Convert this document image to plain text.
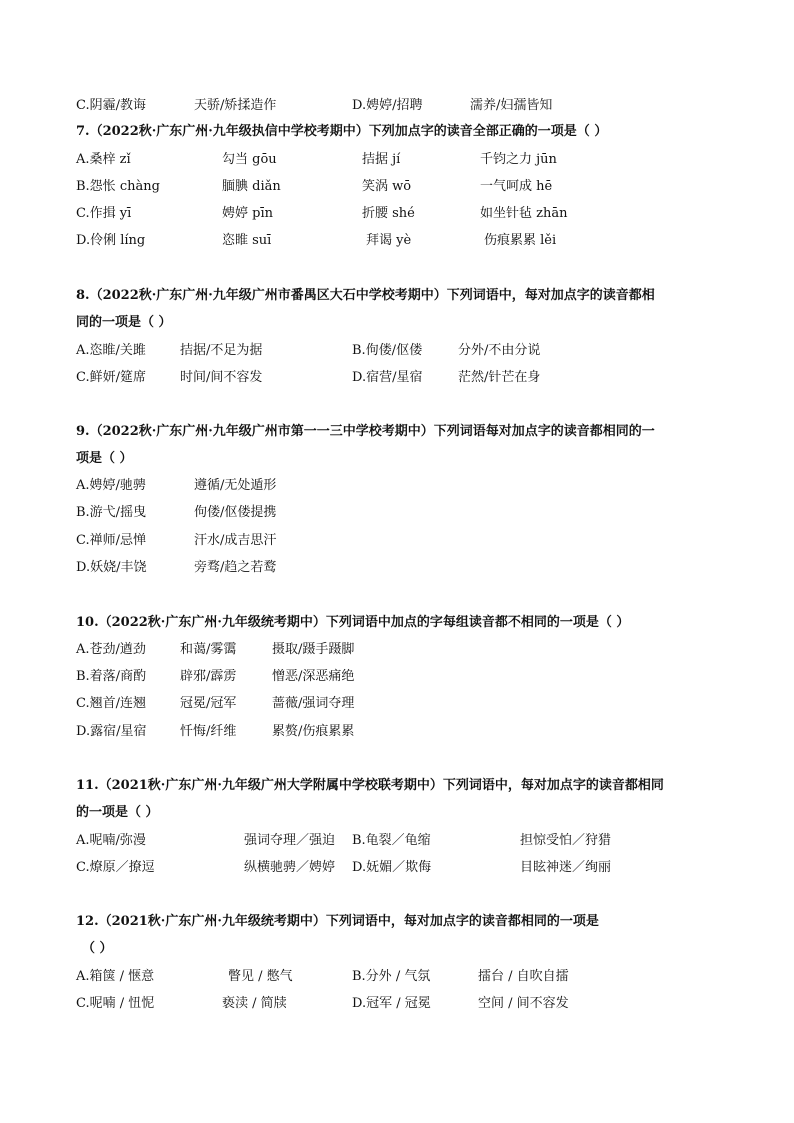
C.阴霾/教诲	天骄/矫揉造作	D.娉婷/招聘	濡养/妇孺皆知
7.（2022秋·广东广州·九年级执信中学校考期中）下列加点字的读音全部正确的一项是（ ）
A.桑梓 zǐ	勾当 gōu	拮据 jí	千钧之力 jūn
B.怨怅 chàng	腼腆 diǎn	笑涡 wō	一气呵成 hē
C.作揖 yī	娉婷 pīn	折腰 shé	如坐针毡 zhān
D.伶俐 líng	恣睢 suī	拜谒 yè	伤痕累累 lěi
8.（2022秋·广东广州·九年级广州市番禺区大石中学校考期中）下列词语中，每对加点字的读音都相
同的一项是（ ）
A.恣睢/关雎	拮据/不足为据	B.佝偻/伛偻	分外/不由分说
C.鲜妍/筵席	时间/间不容发	D.宿营/星宿	茫然/针芒在身
9.（2022秋·广东广州·九年级广州市第一一三中学校考期中）下列词语每对加点字的读音都相同的一
项是（ ）
A.娉婷/驰骋	遵循/无处遁形
B.游弋/摇曳	佝偻/伛偻提携
C.禅师/忌惮	汗水/成吉思汗
D.妖娆/丰饶	旁骛/趋之若鹜
10.（2022秋·广东广州·九年级统考期中）下列词语中加点的字每组读音都不相同的一项是（ ）
A.苍劲/遒劲	和蔼/雾霭	摄取/蹑手蹑脚
B.着落/商酌	辟邪/霹雳	憎恶/深恶痛绝
C.翘首/连翘	冠冕/冠军	蔷薇/强词夺理
D.露宿/星宿	忏悔/纤维	累赘/伤痕累累
11.（2021秋·广东广州·九年级广州大学附属中学校联考期中）下列词语中，每对加点字的读音都相同
的一项是（ ）
A.呢喃/弥漫	强词夺理／强迫 B.龟裂／龟缩	担惊受怕／狩猎
C.燎原／撩逗	纵横驰骋／娉婷 D.妩媚／欺侮	目眩神迷／绚丽
12.（2021秋·广东广州·九年级统考期中）下列词语中，每对加点字的读音都相同的一项是
（ ）
A.箱箧 / 惬意	瞥见 / 憋气	B.分外 / 气氛	擂台 / 自吹自擂
C.呢喃 / 忸怩	亵渎 / 简牍	D.冠军 / 冠冕	空间 / 间不容发
